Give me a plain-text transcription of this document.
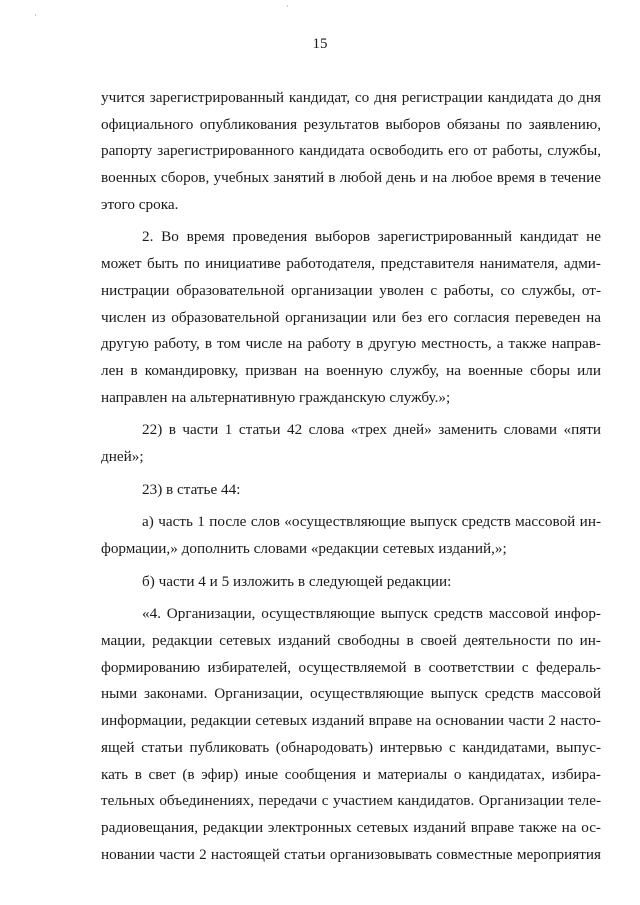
·
·
15
учится зарегистрированный кандидат, со дня регистрации кандидата до дня
официального опубликования результатов выборов обязаны по заявлению,
рапорту зарегистрированного кандидата освободить его от работы, службы,
военных сборов, учебных занятий в любой день и на любое время в течение
этого срока.
2. Во время проведения выборов зарегистрированный кандидат не
может быть по инициативе работодателя, представителя нанимателя, адми-
нистрации образовательной организации уволен с работы, со службы, от-
числен из образовательной организации или без его согласия переведен на
другую работу, в том числе на работу в другую местность, а также направ-
лен в командировку, призван на военную службу, на военные сборы или
направлен на альтернативную гражданскую службу.»;
22) в части 1 статьи 42 слова «трех дней» заменить словами «пяти
дней»;
23) в статье 44:
а) часть 1 после слов «осуществляющие выпуск средств массовой ин-
формации,» дополнить словами «редакции сетевых изданий,»;
б) части 4 и 5 изложить в следующей редакции:
«4. Организации, осуществляющие выпуск средств массовой инфор-
мации, редакции сетевых изданий свободны в своей деятельности по ин-
формированию избирателей, осуществляемой в соответствии с федераль-
ными законами. Организации, осуществляющие выпуск средств массовой
информации, редакции сетевых изданий вправе на основании части 2 насто-
ящей статьи публиковать (обнародовать) интервью с кандидатами, выпус-
кать в свет (в эфир) иные сообщения и материалы о кандидатах, избира-
тельных объединениях, передачи с участием кандидатов. Организации теле-
радиовещания, редакции электронных сетевых изданий вправе также на ос-
новании части 2 настоящей статьи организовывать совместные мероприятия
